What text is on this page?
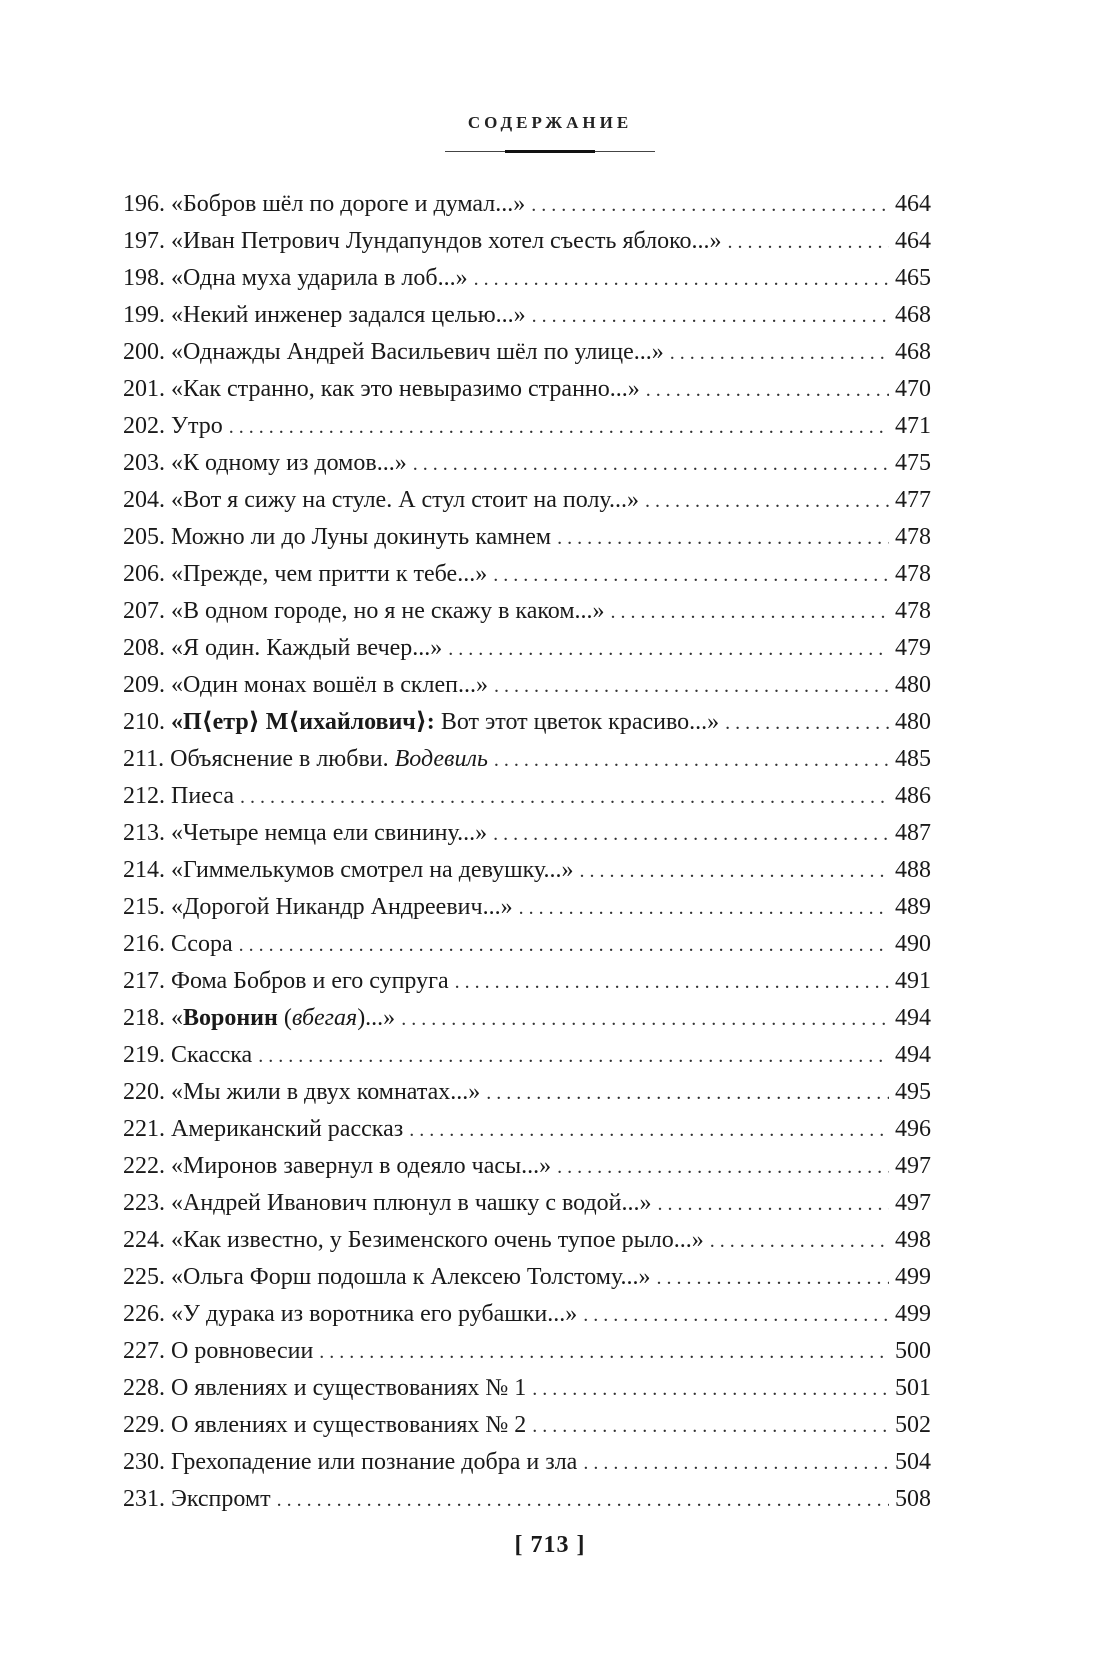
СОДЕРЖАНИЕ
196. «Бобров шёл по дороге и думал...» . . .	464
197. «Иван Петрович Лундапундов хотел съесть яблоко...» . . .	464
198. «Одна муха ударила в лоб...» . . .	465
199. «Некий инженер задался целью...» . . .	468
200. «Однажды Андрей Васильевич шёл по улице...» . . .	468
201. «Как странно, как это невыразимо странно...» . . .	470
202. Утро . . .	471
203. «К одному из домов...» . . .	475
204. «Вот я сижу на стуле. А стул стоит на полу...» . . .	477
205. Можно ли до Луны докинуть камнем . . .	478
206. «Прежде, чем притти к тебе...» . . .	478
207. «В одном городе, но я не скажу в каком...» . . .	478
208. «Я один. Каждый вечер...» . . .	479
209. «Один монах вошёл в склеп...» . . .	480
210. «П⟨етр⟩ М⟨ихайлович⟩: Вот этот цветок красиво...» . . .	480
211. Объяснение в любви. Водевиль . . .	485
212. Пиеса . . .	486
213. «Четыре немца ели свинину...» . . .	487
214. «Гиммелькумов смотрел на девушку...» . . .	488
215. «Дорогой Никандр Андреевич...» . . .	489
216. Ссора . . .	490
217. Фома Бобров и его супруга . . .	491
218. «Воронин (вбегая)...» . . .	494
219. Скасска . . .	494
220. «Мы жили в двух комнатах...» . . .	495
221. Американский рассказ . . .	496
222. «Миронов завернул в одеяло часы...» . . .	497
223. «Андрей Иванович плюнул в чашку с водой...» . . .	497
224. «Как известно, у Безименского очень тупое рыло...» . . .	498
225. «Ольга Форш подошла к Алексею Толстому...» . . .	499
226. «У дурака из воротника его рубашки...» . . .	499
227. О ровновесии . . .	500
228. О явлениях и существованиях № 1 . . .	501
229. О явлениях и существованиях № 2 . . .	502
230. Грехопадение или познание добра и зла . . .	504
231. Экспромт . . .	508
[ 713 ]
